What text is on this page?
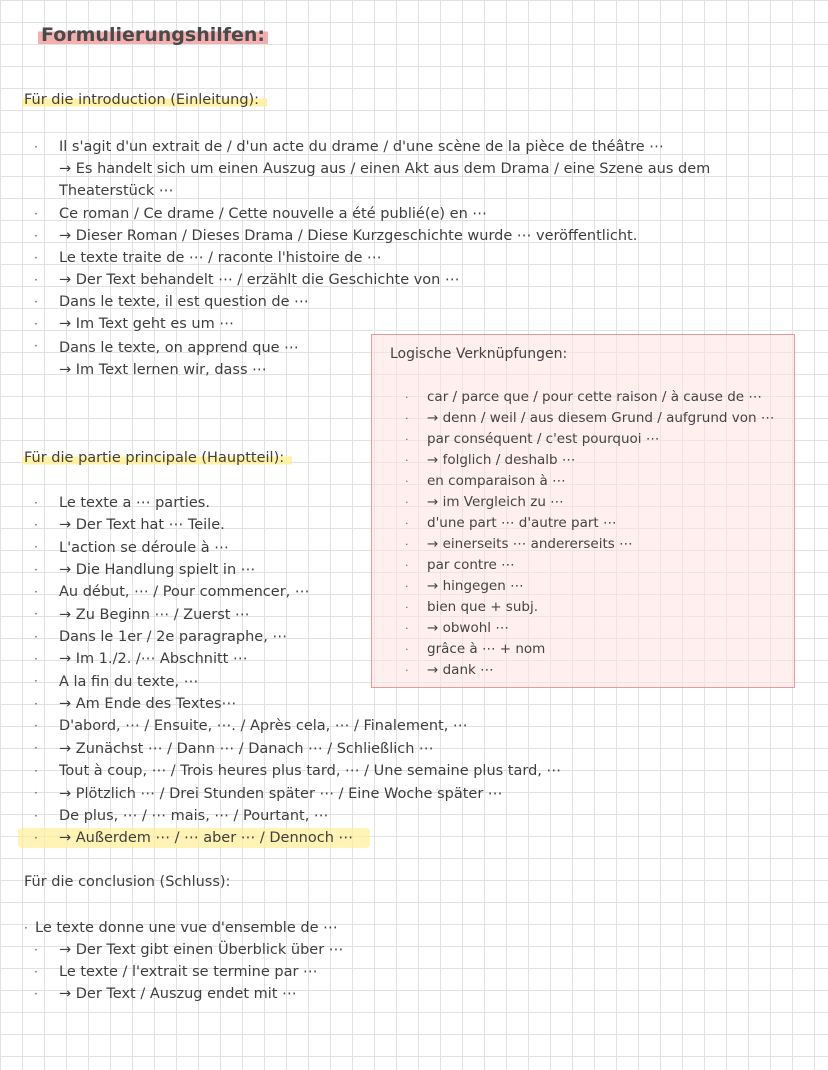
Formulierungshilfen:
Für die introduction (Einleitung):
· Il s'agit d'un extrait de / d'un acte du drame / d'une scène de la pièce de théâtre ⋯
→ Es handelt sich um einen Auszug aus / einen Akt aus dem Drama / eine Szene aus dem
Theaterstück ⋯
· Ce roman / Ce drame / Cette nouvelle a été publié(e) en ⋯
· → Dieser Roman / Dieses Drama / Diese Kurzgeschichte wurde ⋯ veröffentlicht.
· Le texte traite de ⋯ / raconte l'histoire de ⋯
· → Der Text behandelt ⋯ / erzählt die Geschichte von ⋯
· Dans le texte, il est question de ⋯
· → Im Text geht es um ⋯
· Dans le texte, on apprend que ⋯
→ Im Text lernen wir, dass ⋯
Logische Verknüpfungen:
· car / parce que / pour cette raison / à cause de ⋯
· → denn / weil / aus diesem Grund / aufgrund von ⋯
· par conséquent / c'est pourquoi ⋯
· → folglich / deshalb ⋯
· en comparaison à ⋯
· → im Vergleich zu ⋯
· d'une part ⋯ d'autre part ⋯
· → einerseits ⋯ andererseits ⋯
· par contre ⋯
· → hingegen ⋯
· bien que + subj.
· → obwohl ⋯
· grâce à ⋯ + nom
· → dank ⋯
Für die partie principale (Hauptteil):
· Le texte a ⋯ parties.
· → Der Text hat ⋯ Teile.
· L'action se déroule à ⋯
· → Die Handlung spielt in ⋯
· Au début, ⋯ / Pour commencer, ⋯
· → Zu Beginn ⋯ / Zuerst ⋯
· Dans le 1er / 2e paragraphe, ⋯
· → Im 1./2. /⋯ Abschnitt ⋯
· A la fin du texte, ⋯
· → Am Ende des Textes⋯
· D'abord, ⋯ / Ensuite, ⋯. / Après cela, ⋯ / Finalement, ⋯
· → Zunächst ⋯ / Dann ⋯ / Danach ⋯ / Schließlich ⋯
· Tout à coup, ⋯ / Trois heures plus tard, ⋯ / Une semaine plus tard, ⋯
· → Plötzlich ⋯ / Drei Stunden später ⋯ / Eine Woche später ⋯
· De plus, ⋯ / ⋯ mais, ⋯ / Pourtant, ⋯
· → Außerdem ⋯ / ⋯ aber ⋯ / Dennoch ⋯
Für die conclusion (Schluss):
· Le texte donne une vue d'ensemble de ⋯
· → Der Text gibt einen Überblick über ⋯
· Le texte / l'extrait se termine par ⋯
· → Der Text / Auszug endet mit ⋯
